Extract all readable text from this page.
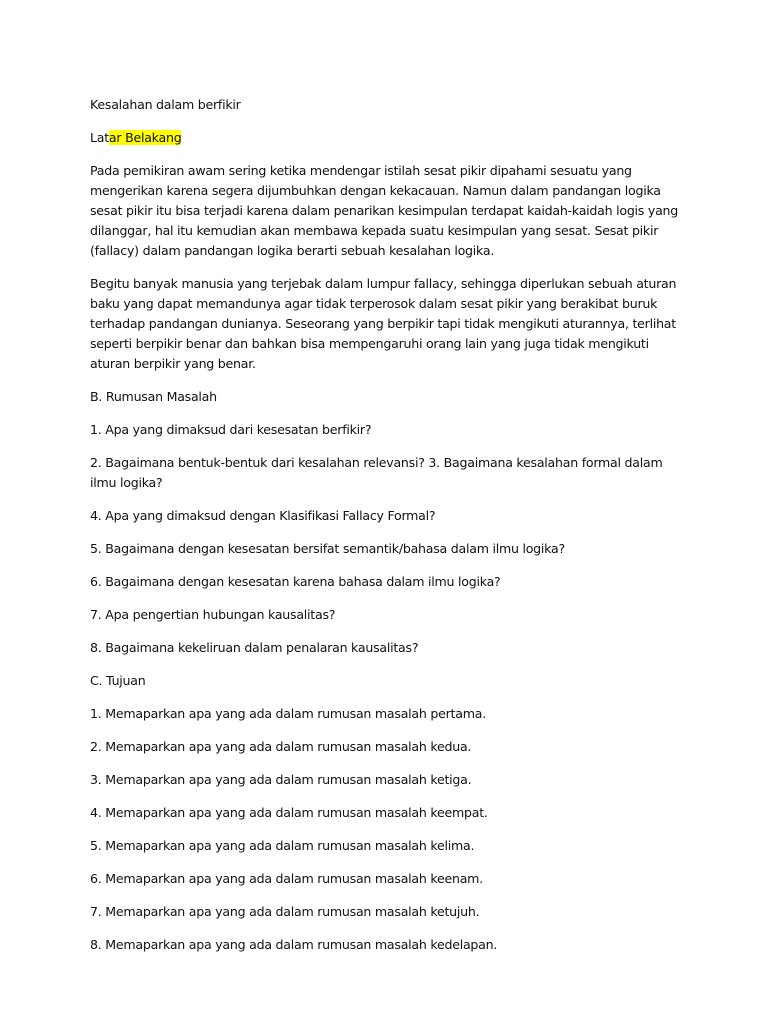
Kesalahan dalam berfikir

Latar Belakang

Pada pemikiran awam sering ketika mendengar istilah sesat pikir dipahami sesuatu yang mengerikan karena segera dijumbuhkan dengan kekacauan. Namun dalam pandangan logika sesat pikir itu bisa terjadi karena dalam penarikan kesimpulan terdapat kaidah-kaidah logis yang dilanggar, hal itu kemudian akan membawa kepada suatu kesimpulan yang sesat. Sesat pikir (fallacy) dalam pandangan logika berarti sebuah kesalahan logika.

Begitu banyak manusia yang terjebak dalam lumpur fallacy, sehingga diperlukan sebuah aturan baku yang dapat memandunya agar tidak terperosok dalam sesat pikir yang berakibat buruk terhadap pandangan dunianya. Seseorang yang berpikir tapi tidak mengikuti aturannya, terlihat seperti berpikir benar dan bahkan bisa mempengaruhi orang lain yang juga tidak mengikuti aturan berpikir yang benar.

B. Rumusan Masalah

1. Apa yang dimaksud dari kesesatan berfikir?

2. Bagaimana bentuk-bentuk dari kesalahan relevansi? 3. Bagaimana kesalahan formal dalam ilmu logika?

4. Apa yang dimaksud dengan Klasifikasi Fallacy Formal?

5. Bagaimana dengan kesesatan bersifat semantik/bahasa dalam ilmu logika?

6. Bagaimana dengan kesesatan karena bahasa dalam ilmu logika?

7. Apa pengertian hubungan kausalitas?

8. Bagaimana kekeliruan dalam penalaran kausalitas?

C. Tujuan

1. Memaparkan apa yang ada dalam rumusan masalah pertama.

2. Memaparkan apa yang ada dalam rumusan masalah kedua.

3. Memaparkan apa yang ada dalam rumusan masalah ketiga.

4. Memaparkan apa yang ada dalam rumusan masalah keempat.

5. Memaparkan apa yang ada dalam rumusan masalah kelima.

6. Memaparkan apa yang ada dalam rumusan masalah keenam.

7. Memaparkan apa yang ada dalam rumusan masalah ketujuh.

8. Memaparkan apa yang ada dalam rumusan masalah kedelapan.
